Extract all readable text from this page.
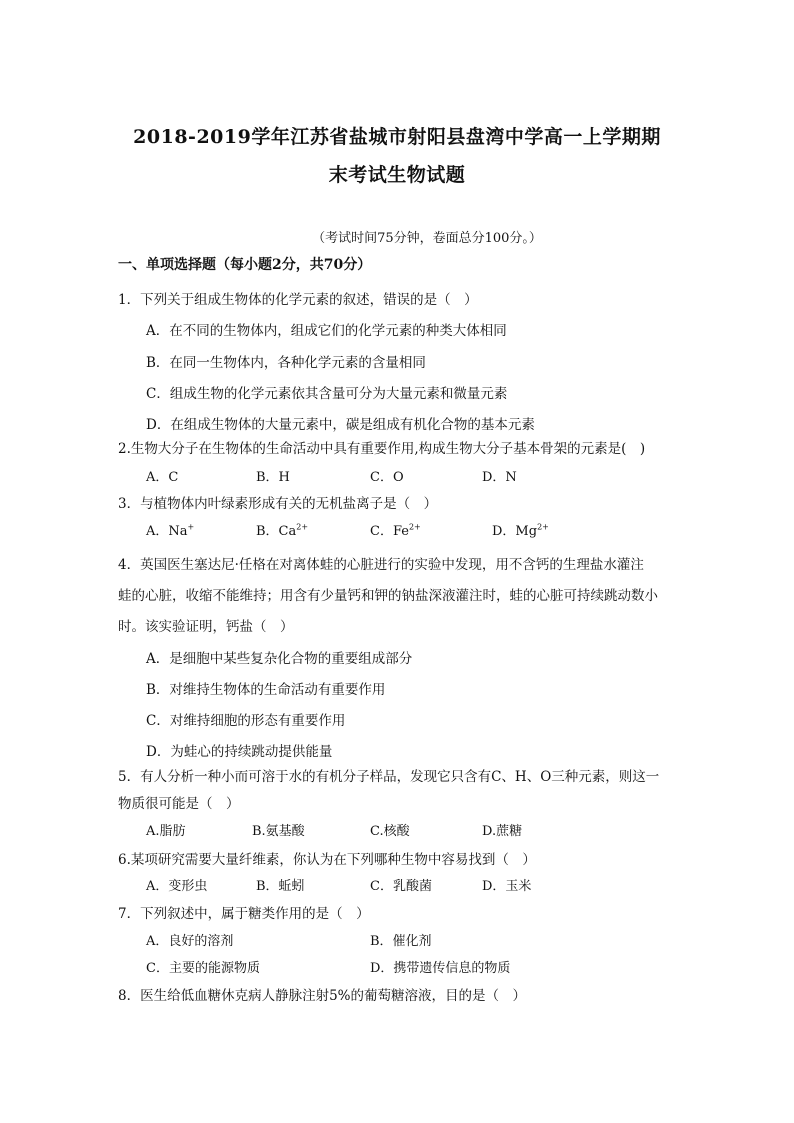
2018-2019学年江苏省盐城市射阳县盘湾中学高一上学期期
末考试生物试题
（考试时间75分钟，卷面总分100分。）
一、单项选择题（每小题2分，共70分）
1．下列关于组成生物体的化学元素的叙述，错误的是（　）
A．在不同的生物体内，组成它们的化学元素的种类大体相同
B．在同一生物体内，各种化学元素的含量相同
C．组成生物的化学元素依其含量可分为大量元素和微量元素
D．在组成生物体的大量元素中，碳是组成有机化合物的基本元素
2.生物大分子在生物体的生命活动中具有重要作用,构成生物大分子基本骨架的元素是(　)
A．C	B．H	C．O	D．N
3．与植物体内叶绿素形成有关的无机盐离子是（　）
A．Na+	B．$Ca^{2+}$	C．$Fe^{2+}$	D．$Mg^{2+}$
4．英国医生塞达尼·任格在对离体蛙的心脏进行的实验中发现，用不含钙的生理盐水灌注
蛙的心脏，收缩不能维持；用含有少量钙和钾的钠盐深液灌注时，蛙的心脏可持续跳动数小
时。该实验证明，钙盐（　）
A．是细胞中某些复杂化合物的重要组成部分
B．对维持生物体的生命活动有重要作用
C．对维持细胞的形态有重要作用
D．为蛙心的持续跳动提供能量
5．有人分析一种小而可溶于水的有机分子样品，发现它只含有C、H、O三种元素，则这一
物质很可能是（　）
A.脂肪	B.氨基酸	C.核酸	D.蔗糖
6.某项研究需要大量纤维素，你认为在下列哪种生物中容易找到（　）
A．变形虫	B．蚯蚓	C．乳酸菌	D．玉米
7．下列叙述中，属于糖类作用的是（　）
A．良好的溶剂	B．催化剂
C．主要的能源物质	D．携带遗传信息的物质
8．医生给低血糖休克病人静脉注射5%的葡萄糖溶液，目的是（　）
